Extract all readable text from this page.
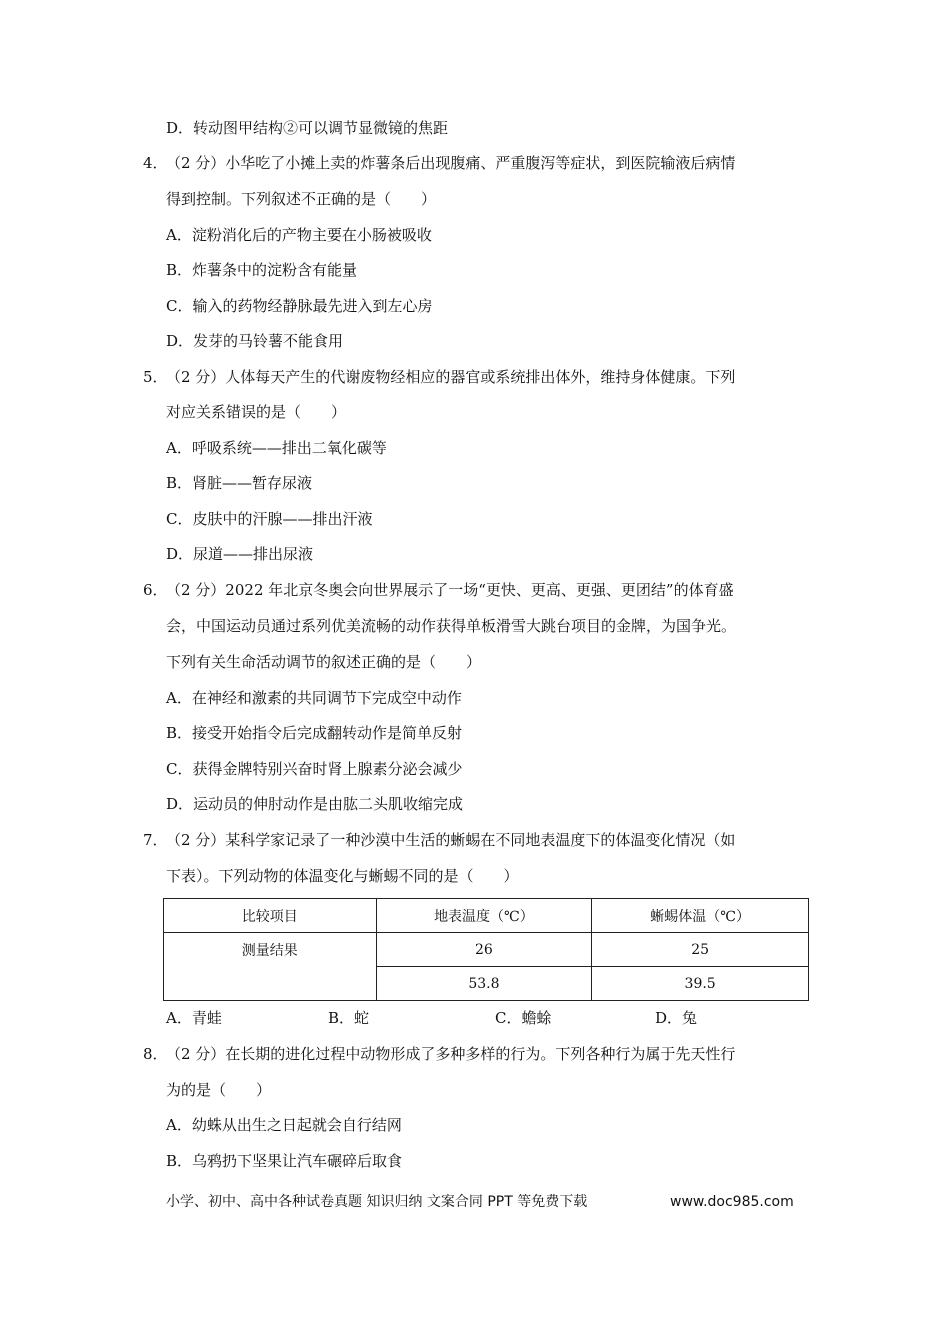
D．转动图甲结构②可以调节显微镜的焦距
4．
（2 分）小华吃了小摊上卖的炸薯条后出现腹痛、严重腹泻等症状，到医院输液后病情
得到控制。下列叙述不正确的是（　　）
A．淀粉消化后的产物主要在小肠被吸收
B．炸薯条中的淀粉含有能量
C．输入的药物经静脉最先进入到左心房
D．发芽的马铃薯不能食用
5．
（2 分）人体每天产生的代谢废物经相应的器官或系统排出体外，维持身体健康。下列
对应关系错误的是（　　）
A．呼吸系统——排出二氧化碳等
B．肾脏——暂存尿液
C．皮肤中的汗腺——排出汗液
D．尿道——排出尿液
6．
（2 分）2022 年北京冬奥会向世界展示了一场“更快、更高、更强、更团结”的体育盛
会，中国运动员通过系列优美流畅的动作获得单板滑雪大跳台项目的金牌，为国争光。
下列有关生命活动调节的叙述正确的是（　　）
A．在神经和激素的共同调节下完成空中动作
B．接受开始指令后完成翻转动作是简单反射
C．获得金牌特别兴奋时肾上腺素分泌会减少
D．运动员的伸肘动作是由肱二头肌收缩完成
7．
（2 分）某科学家记录了一种沙漠中生活的蜥蜴在不同地表温度下的体温变化情况（如
下表）。下列动物的体温变化与蜥蜴不同的是（　　）
比较项目	地表温度（℃）	蜥蜴体温（℃）
测量结果	26	25
	53.8	39.5
A．青蛙	B．蛇	C．蟾蜍	D．兔
8．
（2 分）在长期的进化过程中动物形成了多种多样的行为。下列各种行为属于先天性行
为的是（　　）
A．幼蛛从出生之日起就会自行结网
B．乌鸦扔下坚果让汽车碾碎后取食
小学、初中、高中各种试卷真题 知识归纳 文案合同 PPT 等免费下载	www.doc985.com
